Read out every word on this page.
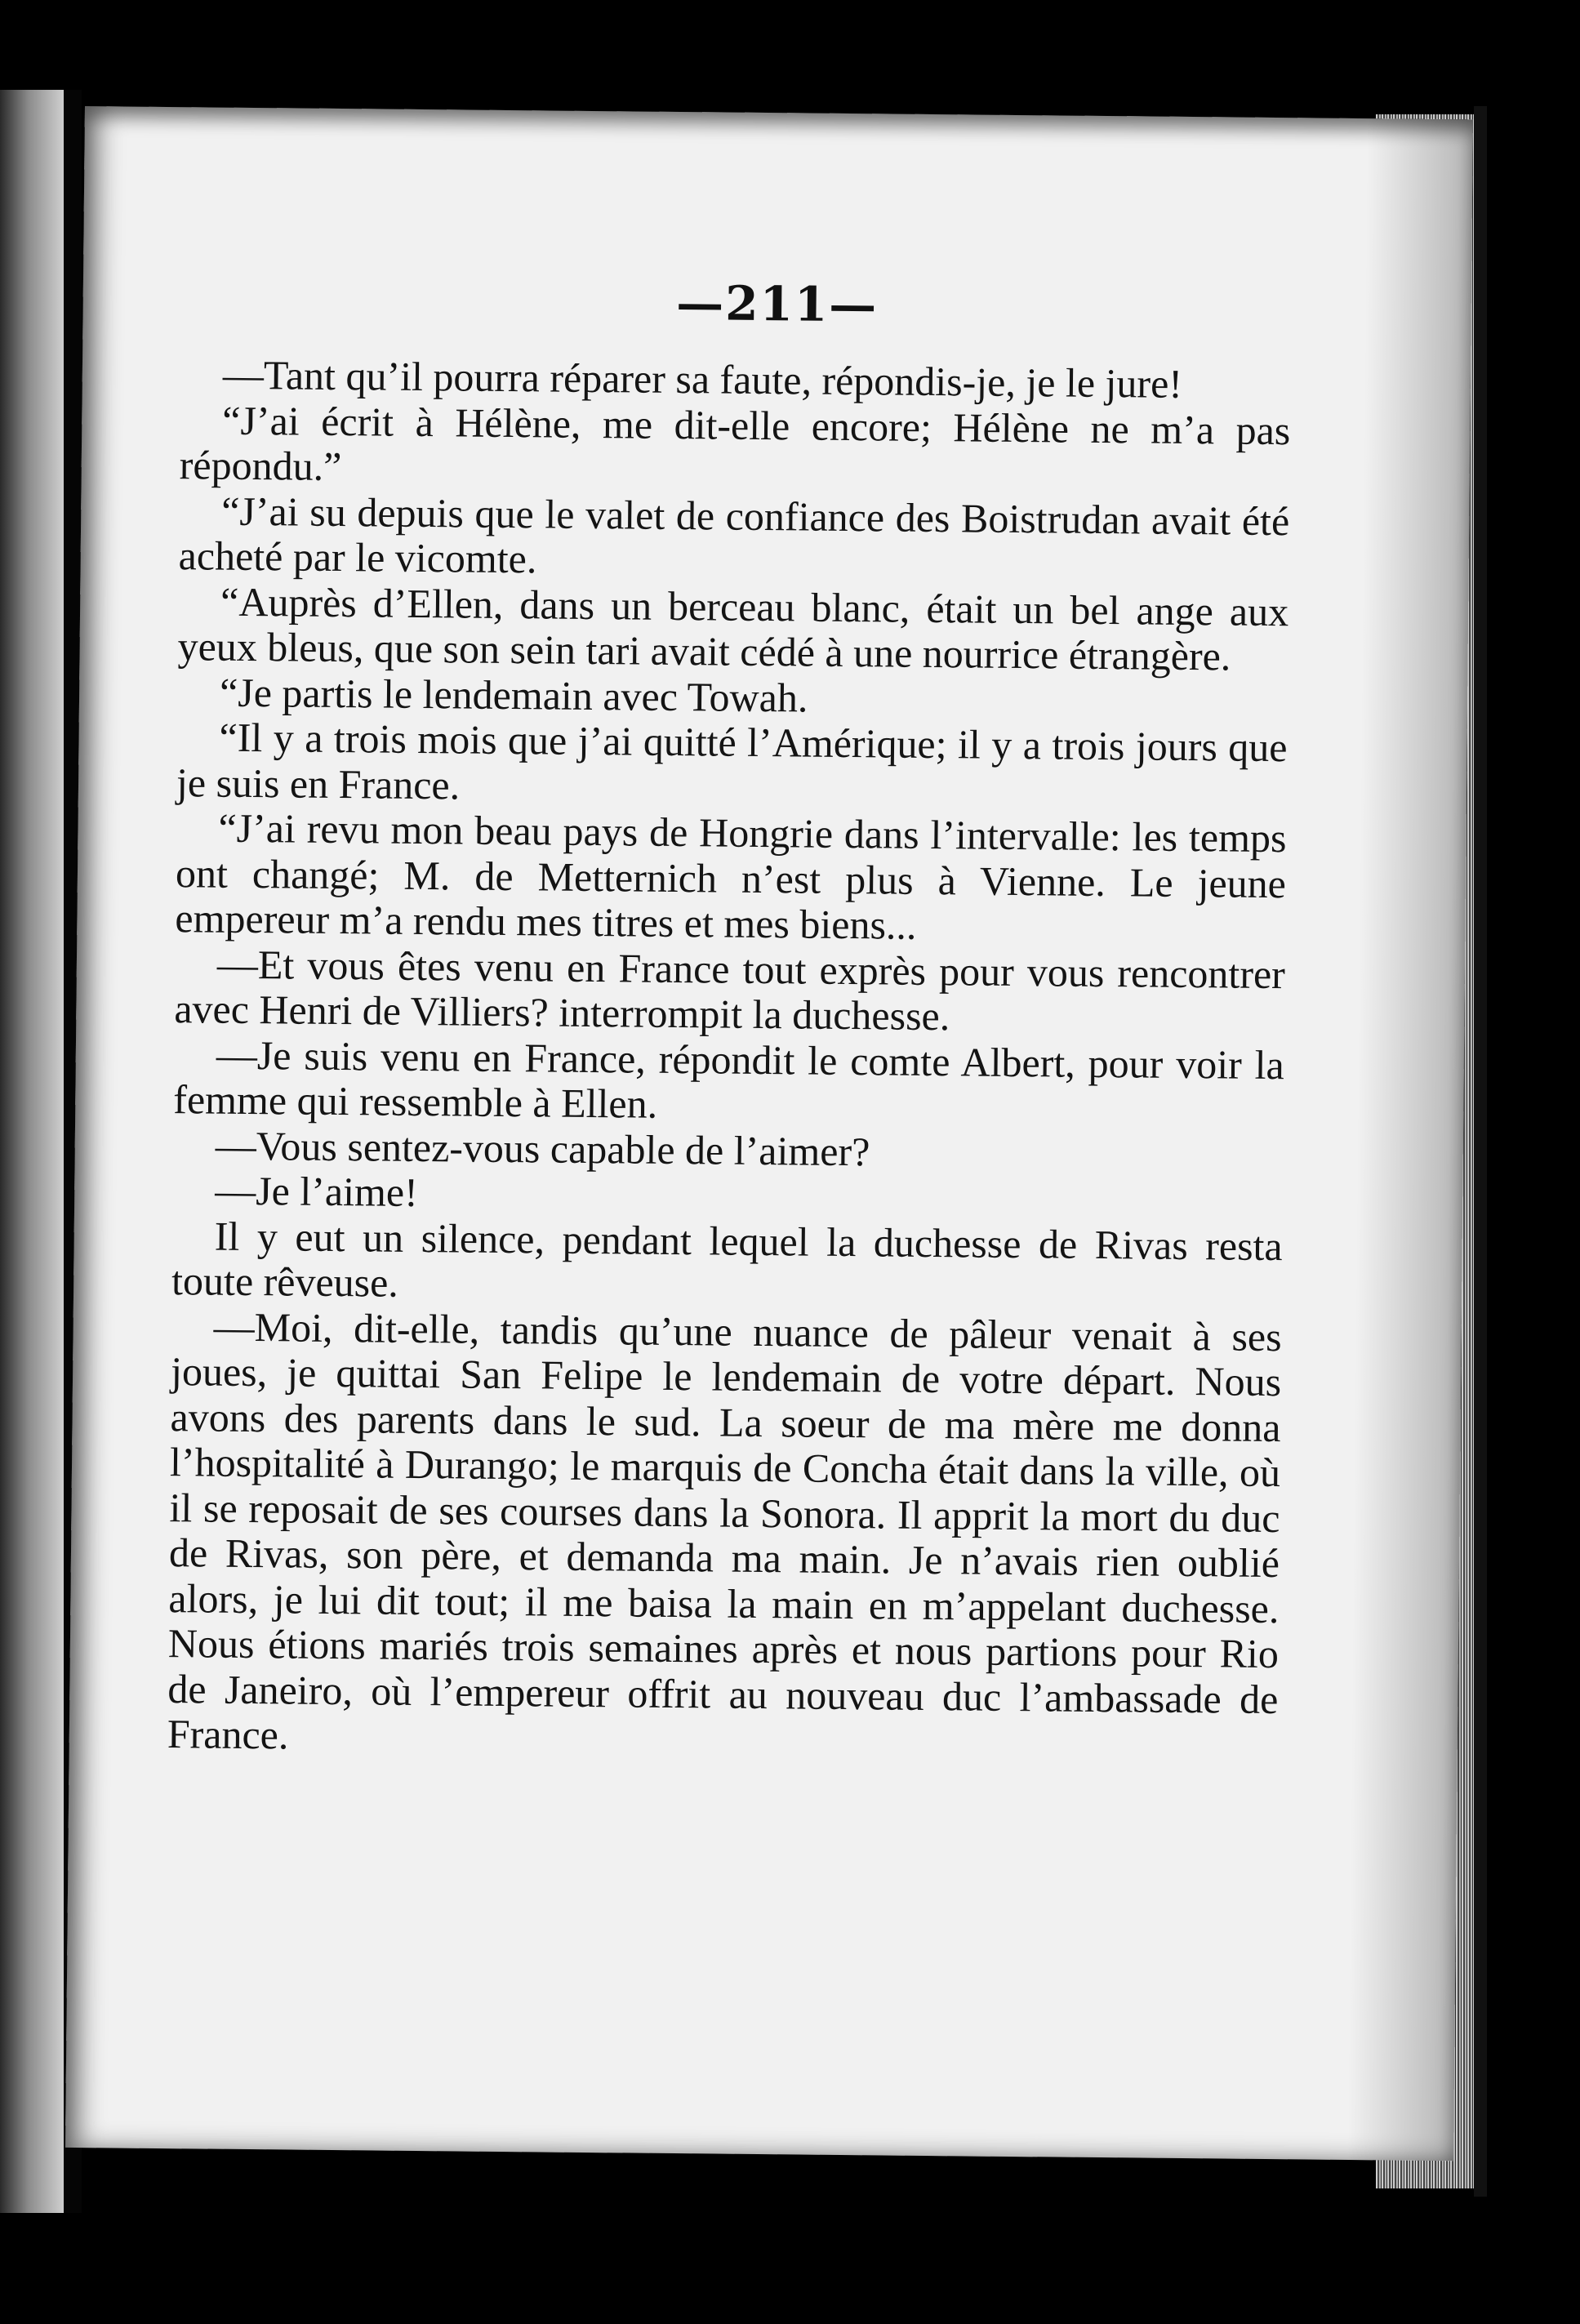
—211—

—Tant qu’il pourra réparer sa faute, répondis-je, je le jure!

“J’ai écrit à Hélène, me dit-elle encore; Hélène ne m’a pas répondu.”

“J’ai su depuis que le valet de confiance des Boistrudan avait été acheté par le vicomte.

“Auprès d’Ellen, dans un berceau blanc, était un bel ange aux yeux bleus, que son sein tari avait cédé à une nourrice étrangère.

“Je partis le lendemain avec Towah.

“Il y a trois mois que j’ai quitté l’Amérique; il y a trois jours que je suis en France.

“J’ai revu mon beau pays de Hongrie dans l’intervalle: les temps ont changé; M. de Metternich n’est plus à Vienne. Le jeune empereur m’a rendu mes titres et mes biens...

—Et vous êtes venu en France tout exprès pour vous rencontrer avec Henri de Villiers? interrompit la duchesse.

—Je suis venu en France, répondit le comte Albert, pour voir la femme qui ressemble à Ellen.

—Vous sentez-vous capable de l’aimer?

—Je l’aime!

Il y eut un silence, pendant lequel la duchesse de Rivas resta toute rêveuse.

—Moi, dit-elle, tandis qu’une nuance de pâleur venait à ses joues, je quittai San Felipe le lendemain de votre départ. Nous avons des parents dans le sud. La soeur de ma mère me donna l’hospitalité à Durango; le marquis de Concha était dans la ville, où il se reposait de ses courses dans la Sonora. Il apprit la mort du duc de Rivas, son père, et demanda ma main. Je n’avais rien oublié alors, je lui dit tout; il me baisa la main en m’appelant duchesse. Nous étions mariés trois semaines après et nous partions pour Rio de Janeiro, où l’empereur offrit au nouveau duc l’ambassade de France.
